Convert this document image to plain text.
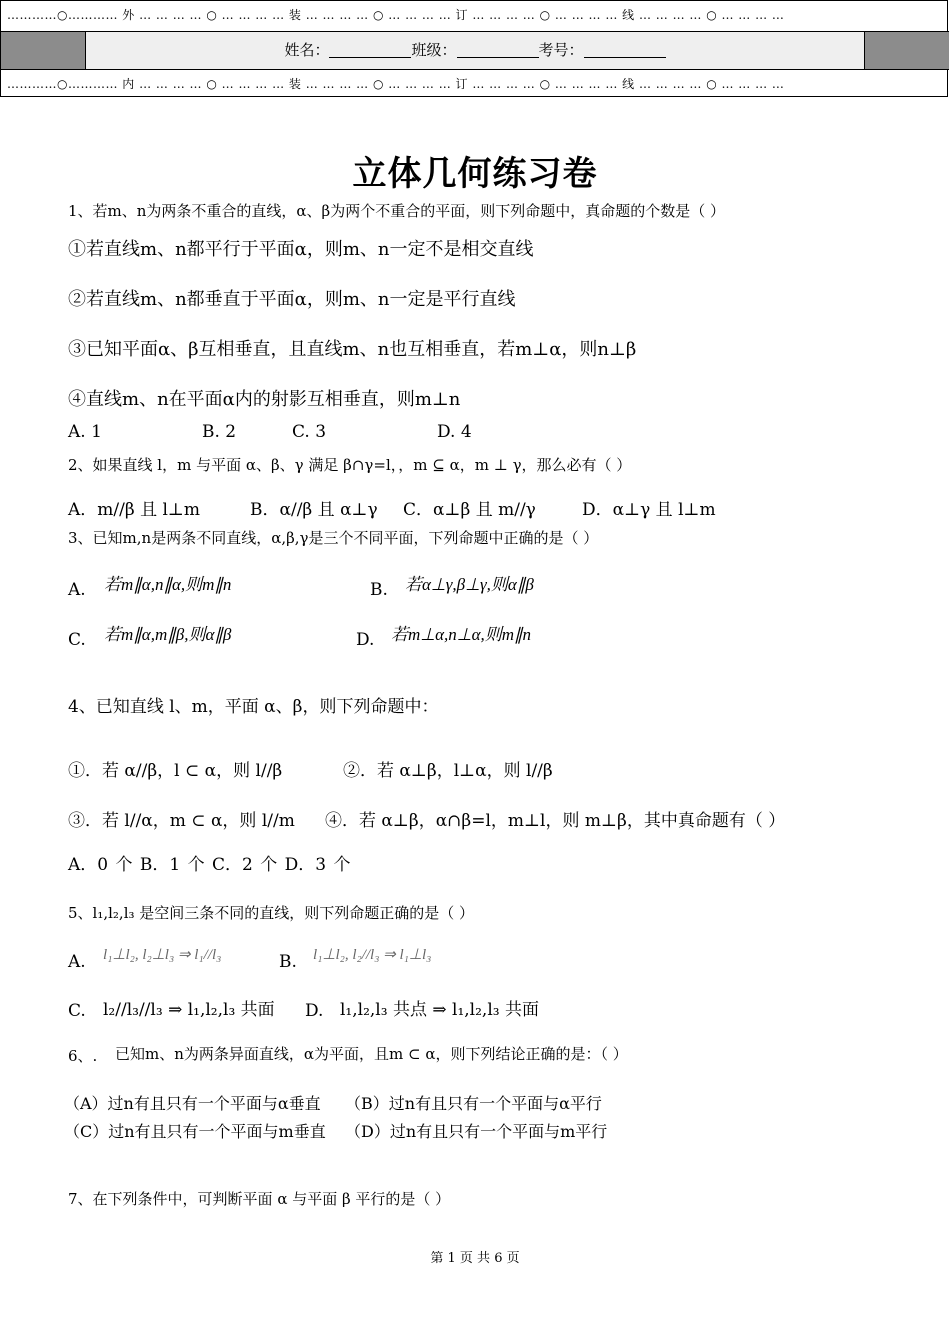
…………○………… 外 … … … … ○ … … … … 装 … … … … ○ … … … … 订 … … … … ○ … … … … 线 … … … … ○ … … … …
姓名：	班级：	考号：
…………○………… 内 … … … … ○ … … … … 装 … … … … ○ … … … … 订 … … … … ○ … … … … 线 … … … … ○ … … … …
立体几何练习卷
1、若m、n为两条不重合的直线，α、β为两个不重合的平面，则下列命题中，真命题的个数是（ ）
①若直线m、n都平行于平面α，则m、n一定不是相交直线
②若直线m、n都垂直于平面α，则m、n一定是平行直线
③已知平面α、β互相垂直，且直线m、n也互相垂直，若m⊥α，则n⊥β
④直线m、n在平面α内的射影互相垂直，则m⊥n
A. 1	B. 2	C. 3	D. 4
2、如果直线 l，m 与平面 α、β、γ 满足 β∩γ=l，，m ⊆ α，m ⊥ γ，那么必有（ ）
A．m//β 且 l⊥m	B．α//β 且 α⊥γ C．α⊥β 且 m//γ	D．α⊥γ 且 l⊥m
3、已知m,n是两条不同直线，α,β,γ是三个不同平面，下列命题中正确的是（ ）
A. 若m∥α,n∥α,则m∥n	B. 若α⊥γ,β⊥γ,则α∥β
C. 若m∥α,m∥β,则α∥β	D. 若m⊥α,n⊥α,则m∥n
4、已知直线 l、m，平面 α、β，则下列命题中：
①．若 α//β，l ⊂ α，则 l//β	②．若 α⊥β，l⊥α，则 l//β
③．若 l//α，m ⊂ α，则 l//m ④．若 α⊥β，α∩β=l，m⊥l，则 m⊥β，其中真命题有（ ）
A．0 个 B．1 个 C．2 个 D．3 个
5、l₁,l₂,l₃ 是空间三条不同的直线，则下列命题正确的是（ ）
A. l₁⊥l₂, l₂⊥l₃ ⇒ l₁//l₃	B. l₁⊥l₂, l₂//l₃ ⇒ l₁⊥l₃
C. l₂//l₃//l₃ ⇒ l₁,l₂,l₃ 共面 D. l₁,l₂,l₃ 共点 ⇒ l₁,l₂,l₃ 共面
6、. 已知m、n为两条异面直线，α为平面，且m ⊂ α，则下列结论正确的是：（ ）
（A）过n有且只有一个平面与α垂直 （B）过n有且只有一个平面与α平行
（C）过n有且只有一个平面与m垂直 （D）过n有且只有一个平面与m平行
7、在下列条件中，可判断平面 α 与平面 β 平行的是（ ）
第 1 页 共 6 页
